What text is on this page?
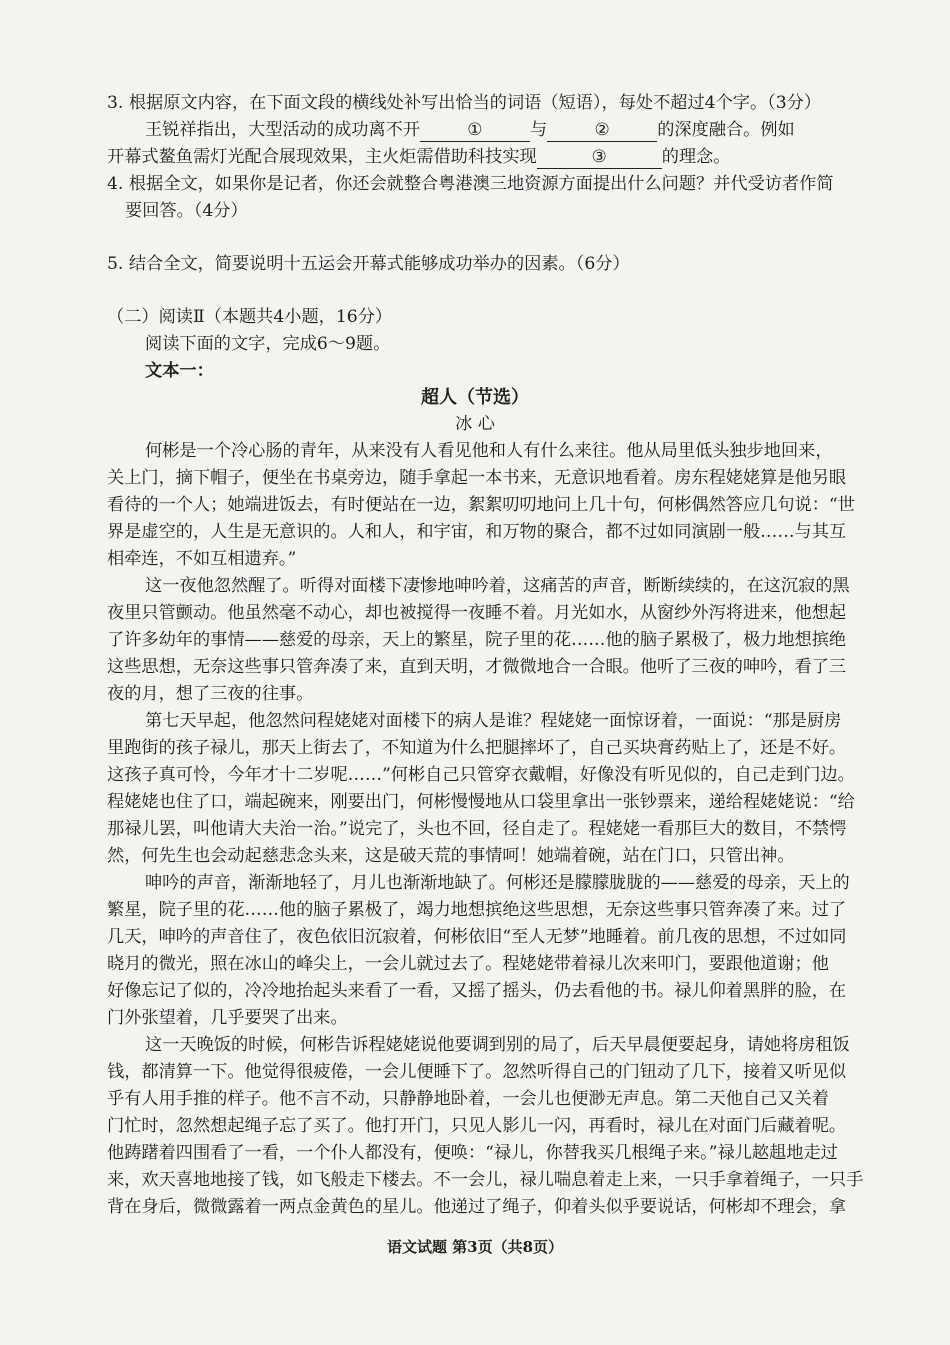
3. 根据原文内容，在下面文段的横线处补写出恰当的词语（短语），每处不超过4个字。（3分）
王锐祥指出，大型活动的成功离不开	①	与	②	的深度融合。例如
开幕式鳌鱼需灯光配合展现效果，主火炬需借助科技实现	③	的理念。
4. 根据全文，如果你是记者，你还会就整合粤港澳三地资源方面提出什么问题？并代受访者作简
要回答。（4分）
5. 结合全文，简要说明十五运会开幕式能够成功举办的因素。（6分）
（二）阅读Ⅱ（本题共4小题，16分）
阅读下面的文字，完成6～9题。
文本一：
超人（节选）
冰 心
何彬是一个冷心肠的青年，从来没有人看见他和人有什么来往。他从局里低头独步地回来，
关上门，摘下帽子，便坐在书桌旁边，随手拿起一本书来，无意识地看着。房东程姥姥算是他另眼
看待的一个人；她端进饭去，有时便站在一边，絮絮叨叨地问上几十句，何彬偶然答应几句说：“世
界是虚空的，人生是无意识的。人和人，和宇宙，和万物的聚合，都不过如同演剧一般……与其互
相牵连，不如互相遗弃。”
这一夜他忽然醒了。听得对面楼下凄惨地呻吟着，这痛苦的声音，断断续续的，在这沉寂的黑
夜里只管颤动。他虽然毫不动心，却也被搅得一夜睡不着。月光如水，从窗纱外泻将进来，他想起
了许多幼年的事情——慈爱的母亲，天上的繁星，院子里的花……他的脑子累极了，极力地想摈绝
这些思想，无奈这些事只管奔凑了来，直到天明，才微微地合一合眼。他听了三夜的呻吟，看了三
夜的月，想了三夜的往事。
第七天早起，他忽然问程姥姥对面楼下的病人是谁？程姥姥一面惊讶着，一面说：“那是厨房
里跑街的孩子禄儿，那天上街去了，不知道为什么把腿摔坏了，自己买块膏药贴上了，还是不好。
这孩子真可怜，今年才十二岁呢……”何彬自己只管穿衣戴帽，好像没有听见似的，自己走到门边。
程姥姥也住了口，端起碗来，刚要出门，何彬慢慢地从口袋里拿出一张钞票来，递给程姥姥说：“给
那禄儿罢，叫他请大夫治一治。”说完了，头也不回，径自走了。程姥姥一看那巨大的数目，不禁愕
然，何先生也会动起慈悲念头来，这是破天荒的事情呵！她端着碗，站在门口，只管出神。
呻吟的声音，渐渐地轻了，月儿也渐渐地缺了。何彬还是朦朦胧胧的——慈爱的母亲，天上的
繁星，院子里的花……他的脑子累极了，竭力地想摈绝这些思想，无奈这些事只管奔凑了来。过了
几天，呻吟的声音住了，夜色依旧沉寂着，何彬依旧“至人无梦”地睡着。前几夜的思想，不过如同
晓月的微光，照在冰山的峰尖上，一会儿就过去了。程姥姥带着禄儿次来叩门，要跟他道谢；他
好像忘记了似的，冷冷地抬起头来看了一看，又摇了摇头，仍去看他的书。禄儿仰着黑胖的脸，在
门外张望着，几乎要哭了出来。
这一天晚饭的时候，何彬告诉程姥姥说他要调到别的局了，后天早晨便要起身，请她将房租饭
钱，都清算一下。他觉得很疲倦，一会儿便睡下了。忽然听得自己的门钮动了几下，接着又听见似
乎有人用手推的样子。他不言不动，只静静地卧着，一会儿也便渺无声息。第二天他自己又关着
门忙时，忽然想起绳子忘了买了。他打开门，只见人影儿一闪，再看时，禄儿在对面门后藏着呢。
他踌躇着四围看了一看，一个仆人都没有，便唤：“禄儿，你替我买几根绳子来。”禄儿趑趄地走过
来，欢天喜地地接了钱，如飞般走下楼去。不一会儿，禄儿喘息着走上来，一只手拿着绳子，一只手
背在身后，微微露着一两点金黄色的星儿。他递过了绳子，仰着头似乎要说话，何彬却不理会，拿
语文试题 第3页（共8页）
